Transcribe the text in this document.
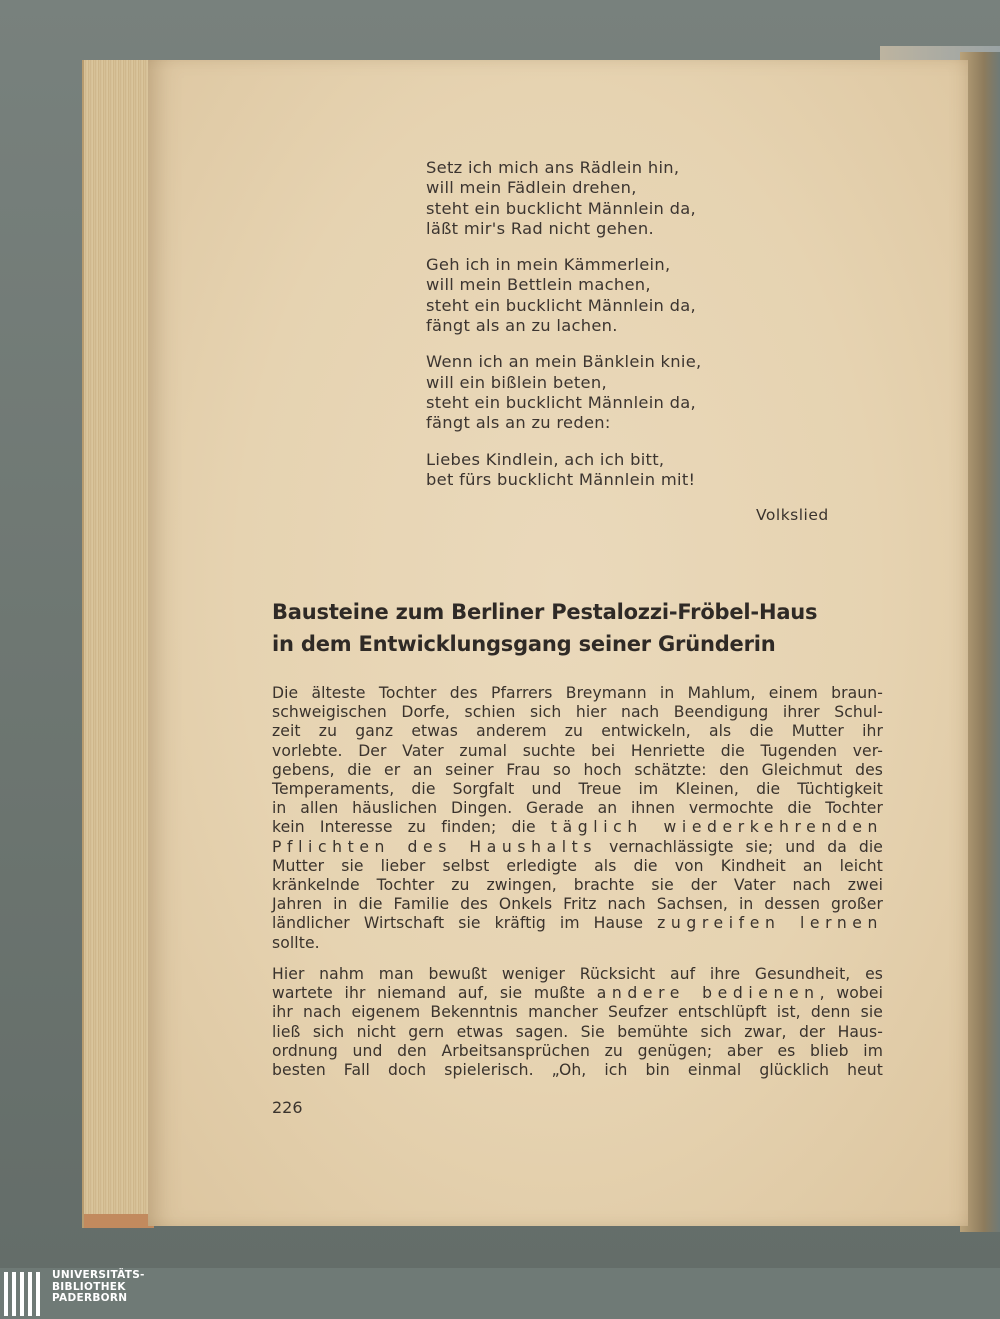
Setz ich mich ans Rädlein hin,
will mein Fädlein drehen,
steht ein bucklicht Männlein da,
läßt mir's Rad nicht gehen.
Geh ich in mein Kämmerlein,
will mein Bettlein machen,
steht ein bucklicht Männlein da,
fängt als an zu lachen.
Wenn ich an mein Bänklein knie,
will ein bißlein beten,
steht ein bucklicht Männlein da,
fängt als an zu reden:
Liebes Kindlein, ach ich bitt,
bet fürs bucklicht Männlein mit!
Volkslied
Bausteine zum Berliner Pestalozzi-Fröbel-Haus
in dem Entwicklungsgang seiner Gründerin
Die älteste Tochter des Pfarrers Breymann in Mahlum, einem braun-
schweigischen Dorfe, schien sich hier nach Beendigung ihrer Schul-
zeit zu ganz etwas anderem zu entwickeln, als die Mutter ihr
vorlebte. Der Vater zumal suchte bei Henriette die Tugenden ver-
gebens, die er an seiner Frau so hoch schätzte: den Gleichmut des
Temperaments, die Sorgfalt und Treue im Kleinen, die Tüchtigkeit
in allen häuslichen Dingen. Gerade an ihnen vermochte die Tochter
kein Interesse zu finden; die täglich wiederkehrenden
Pflichten des Haushalts vernachlässigte sie; und da die
Mutter sie lieber selbst erledigte als die von Kindheit an leicht
kränkelnde Tochter zu zwingen, brachte sie der Vater nach zwei
Jahren in die Familie des Onkels Fritz nach Sachsen, in dessen großer
ländlicher Wirtschaft sie kräftig im Hause zugreifen lernen
sollte.
Hier nahm man bewußt weniger Rücksicht auf ihre Gesundheit, es
wartete ihr niemand auf, sie mußte andere bedienen, wobei
ihr nach eigenem Bekenntnis mancher Seufzer entschlüpft ist, denn sie
ließ sich nicht gern etwas sagen. Sie bemühte sich zwar, der Haus-
ordnung und den Arbeitsansprüchen zu genügen; aber es blieb im
besten Fall doch spielerisch. „Oh, ich bin einmal glücklich heut
226
UNIVERSITÄTS-
BIBLIOTHEK
PADERBORN
